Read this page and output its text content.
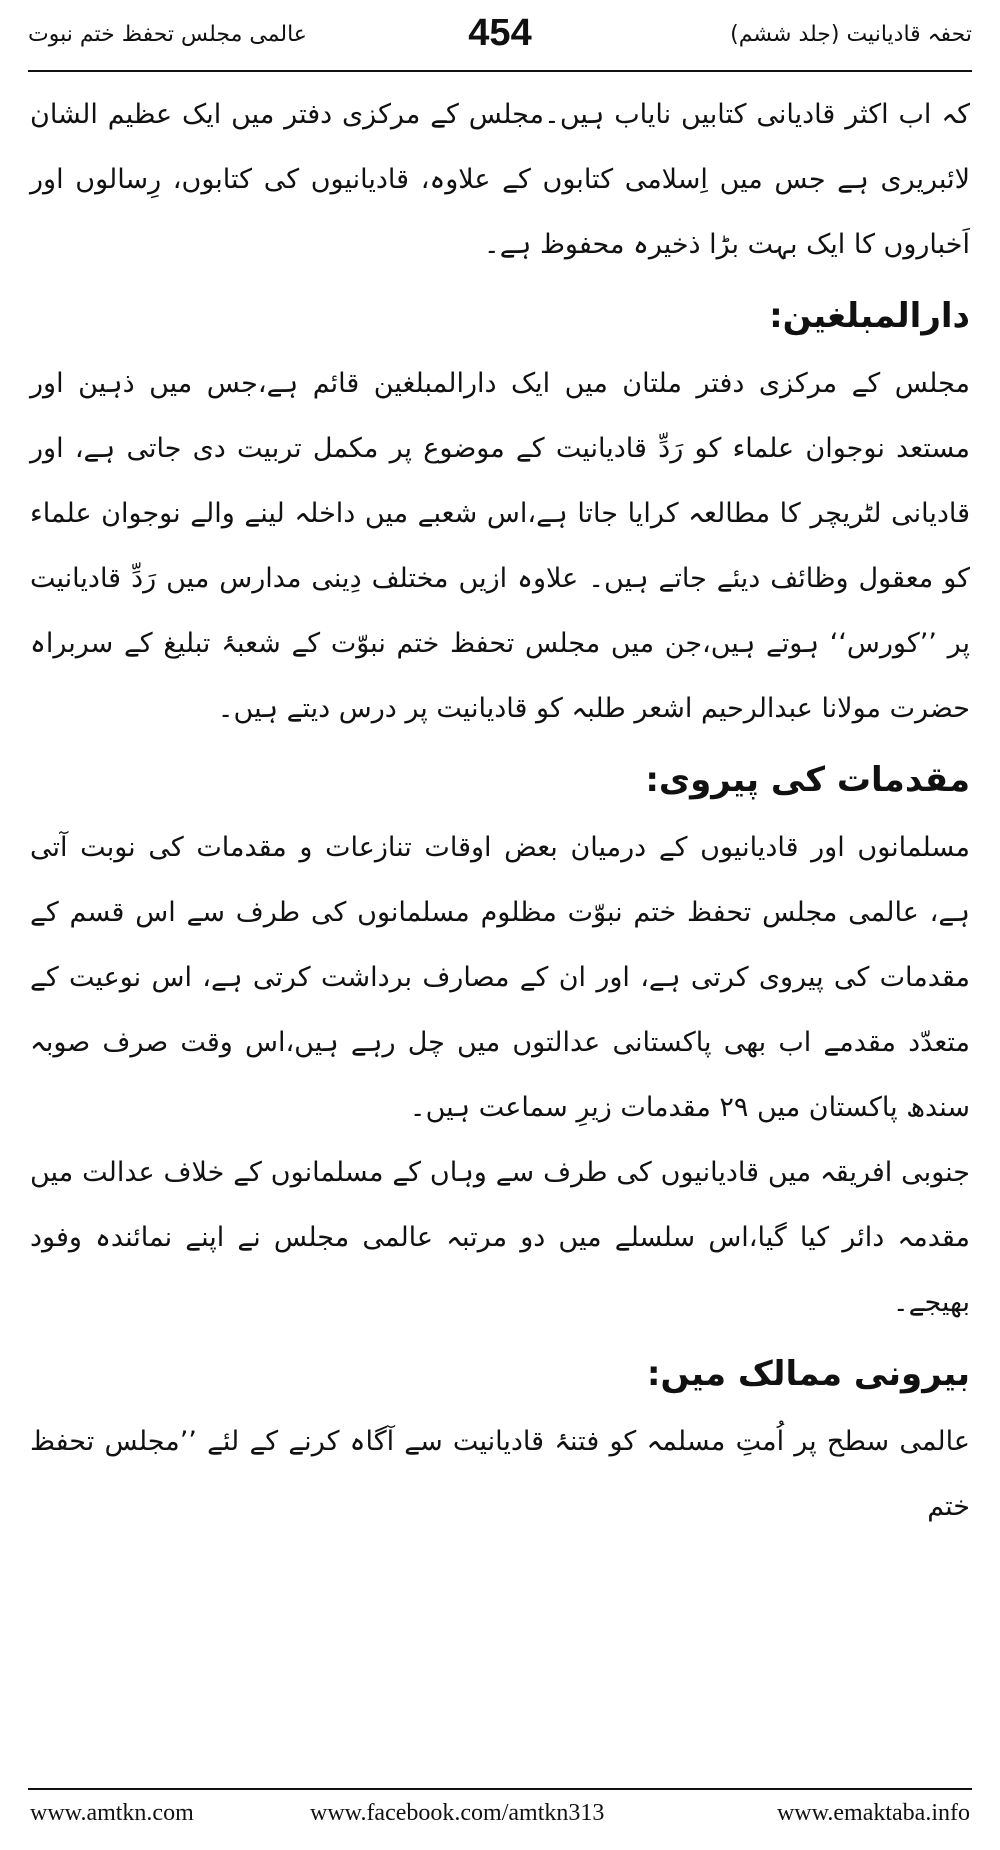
تحفہ قادیانیت (جلد ششم)
454
عالمی مجلس تحفظ ختم نبوت

کہ اب اکثر قادیانی کتابیں نایاب ہیں۔مجلس کے مرکزی دفتر میں ایک عظیم الشان لائبریری ہے جس میں اِسلامی کتابوں کے علاوہ، قادیانیوں کی کتابوں، رِسالوں اور اَخباروں کا ایک بہت بڑا ذخیرہ محفوظ ہے۔

دارالمبلغین:

مجلس کے مرکزی دفتر ملتان میں ایک دارالمبلغین قائم ہے،جس میں ذہین اور مستعد نوجوان علماء کو رَدِّ قادیانیت کے موضوع پر مکمل تربیت دی جاتی ہے، اور قادیانی لٹریچر کا مطالعہ کرایا جاتا ہے،اس شعبے میں داخلہ لینے والے نوجوان علماء کو معقول وظائف دیئے جاتے ہیں۔ علاوہ ازیں مختلف دِینی مدارس میں رَدِّ قادیانیت پر ’’کورس‘‘ ہوتے ہیں،جن میں مجلس تحفظ ختم نبوّت کے شعبۂ تبلیغ کے سربراہ حضرت مولانا عبدالرحیم اشعر طلبہ کو قادیانیت پر درس دیتے ہیں۔

مقدمات کی پیروی:

مسلمانوں اور قادیانیوں کے درمیان بعض اوقات تنازعات و مقدمات کی نوبت آتی ہے، عالمی مجلس تحفظ ختم نبوّت مظلوم مسلمانوں کی طرف سے اس قسم کے مقدمات کی پیروی کرتی ہے، اور ان کے مصارف برداشت کرتی ہے، اس نوعیت کے متعدّد مقدمے اب بھی پاکستانی عدالتوں میں چل رہے ہیں،اس وقت صرف صوبہ سندھ پاکستان میں ۲۹ مقدمات زیرِ سماعت ہیں۔

جنوبی افریقہ میں قادیانیوں کی طرف سے وہاں کے مسلمانوں کے خلاف عدالت میں مقدمہ دائر کیا گیا،اس سلسلے میں دو مرتبہ عالمی مجلس نے اپنے نمائندہ وفود بھیجے۔

بیرونی ممالک میں:

عالمی سطح پر اُمتِ مسلمہ کو فتنۂ قادیانیت سے آگاہ کرنے کے لئے ’’مجلس تحفظ ختم

www.amtkn.com	www.facebook.com/amtkn313	www.emaktaba.info
